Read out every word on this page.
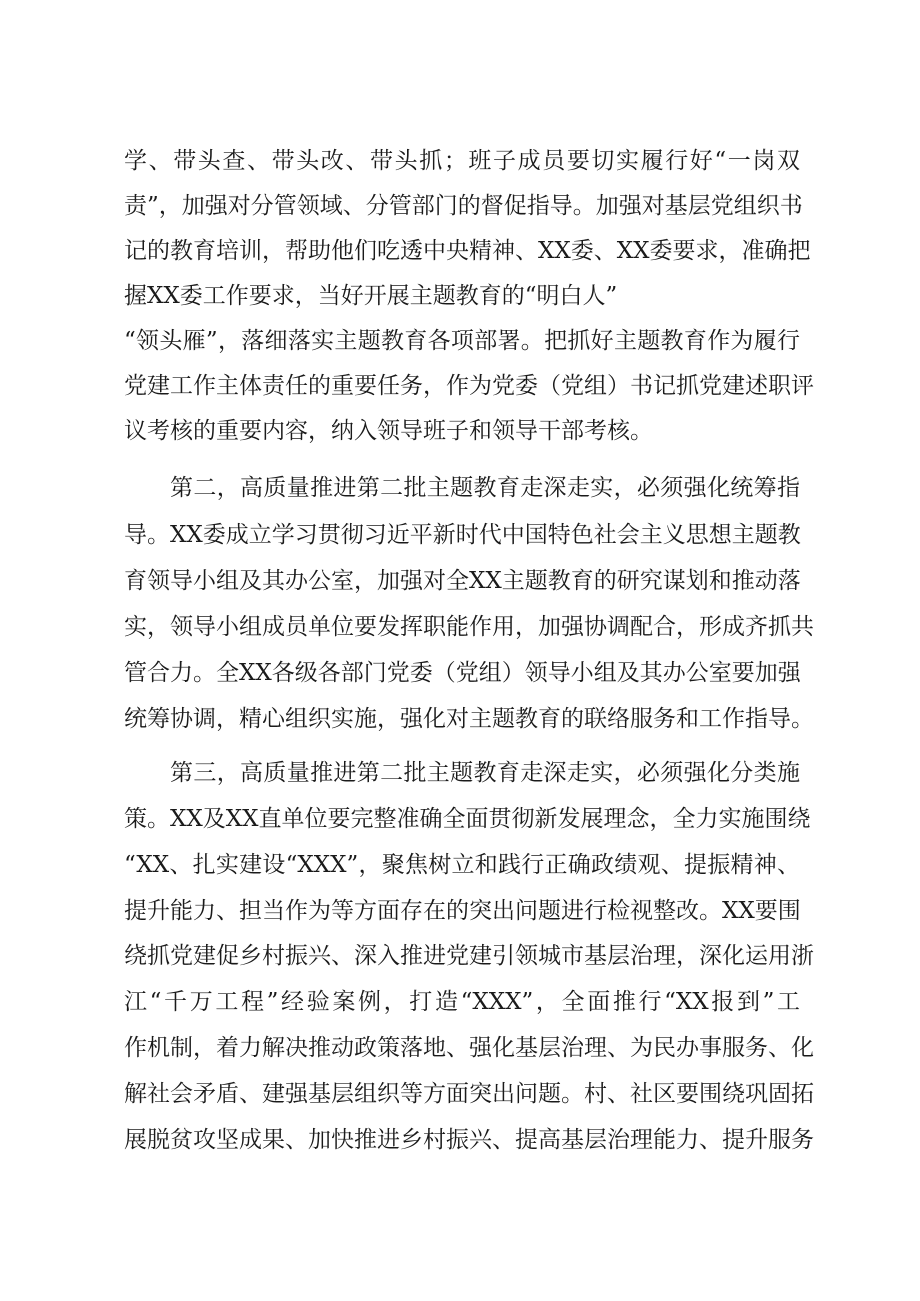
学、带头查、带头改、带头抓；班子成员要切实履行好“一岗双
责”，加强对分管领域、分管部门的督促指导。加强对基层党组织书
记的教育培训，帮助他们吃透中央精神、XX委、XX委要求，准确把
握XX委工作要求，当好开展主题教育的“明白人”
“领头雁”，落细落实主题教育各项部署。把抓好主题教育作为履行
党建工作主体责任的重要任务，作为党委（党组）书记抓党建述职评
议考核的重要内容，纳入领导班子和领导干部考核。
第二，高质量推进第二批主题教育走深走实，必须强化统筹指
导。XX委成立学习贯彻习近平新时代中国特色社会主义思想主题教
育领导小组及其办公室，加强对全XX主题教育的研究谋划和推动落
实，领导小组成员单位要发挥职能作用，加强协调配合，形成齐抓共
管合力。全XX各级各部门党委（党组）领导小组及其办公室要加强
统筹协调，精心组织实施，强化对主题教育的联络服务和工作指导。
第三，高质量推进第二批主题教育走深走实，必须强化分类施
策。XX及XX直单位要完整准确全面贯彻新发展理念，全力实施围绕
“XX、扎实建设“XXX”，聚焦树立和践行正确政绩观、提振精神、
提升能力、担当作为等方面存在的突出问题进行检视整改。XX要围
绕抓党建促乡村振兴、深入推进党建引领城市基层治理，深化运用浙
江“千万工程”经验案例，打造“XXX”，全面推行“XX报到”工
作机制，着力解决推动政策落地、强化基层治理、为民办事服务、化
解社会矛盾、建强基层组织等方面突出问题。村、社区要围绕巩固拓
展脱贫攻坚成果、加快推进乡村振兴、提高基层治理能力、提升服务
